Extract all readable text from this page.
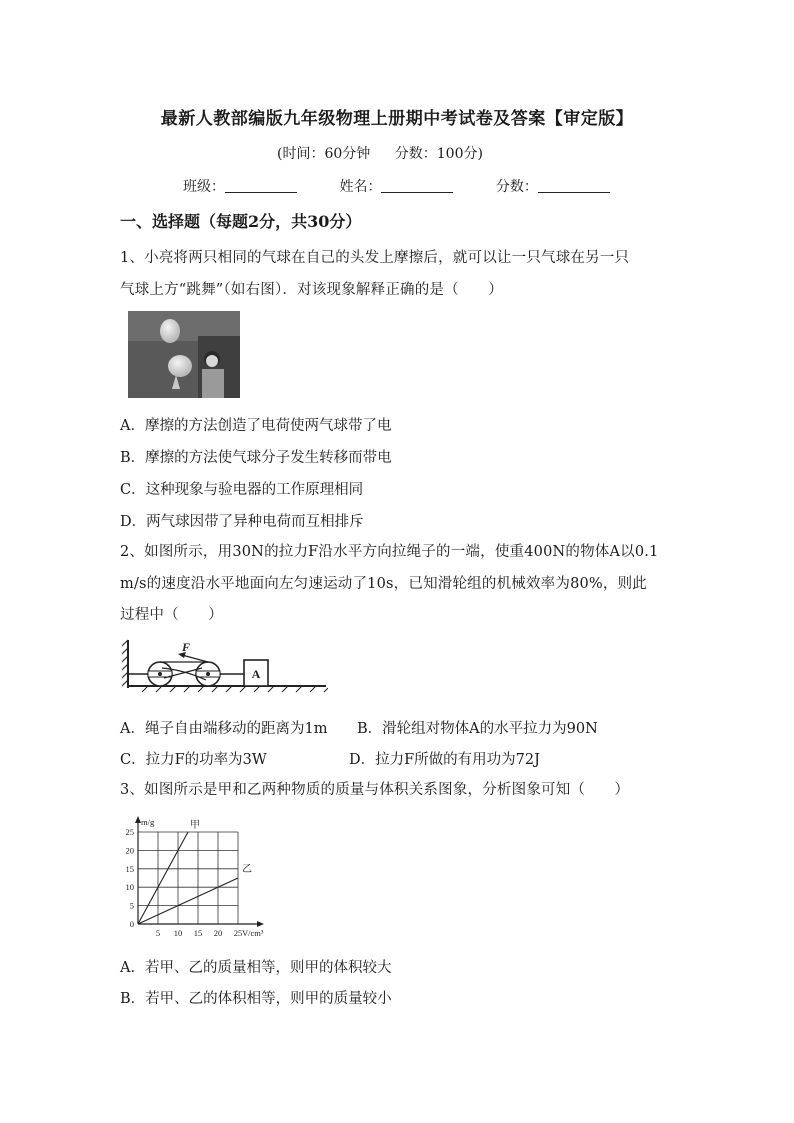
最新人教部编版九年级物理上册期中考试卷及答案【审定版】
(时间：60分钟 分数：100分)
班级：	姓名：	分数：
一、选择题（每题2分，共30分）
1、小亮将两只相同的气球在自己的头发上摩擦后，就可以让一只气球在另一只
气球上方“跳舞”（如右图）．对该现象解释正确的是（　　）
A．摩擦的方法创造了电荷使两气球带了电
B．摩擦的方法使气球分子发生转移而带电
C．这种现象与验电器的工作原理相同
D．两气球因带了异种电荷而互相排斥
2、如图所示，用30N的拉力F沿水平方向拉绳子的一端，使重400N的物体A以0.1
m/s的速度沿水平地面向左匀速运动了10s，已知滑轮组的机械效率为80%，则此
过程中（　　）
F
A
A．绳子自由端移动的距离为1m B．滑轮组对物体A的水平拉力为90N
C．拉力F的功率为3W	D．拉力F所做的有用功为72J
3、如图所示是甲和乙两种物质的质量与体积关系图象，分析图象可知（　　）
5 10 15 20 25
0
5
10
15
20
25
m/g
V/cm³
甲
乙
A．若甲、乙的质量相等，则甲的体积较大
B．若甲、乙的体积相等，则甲的质量较小
